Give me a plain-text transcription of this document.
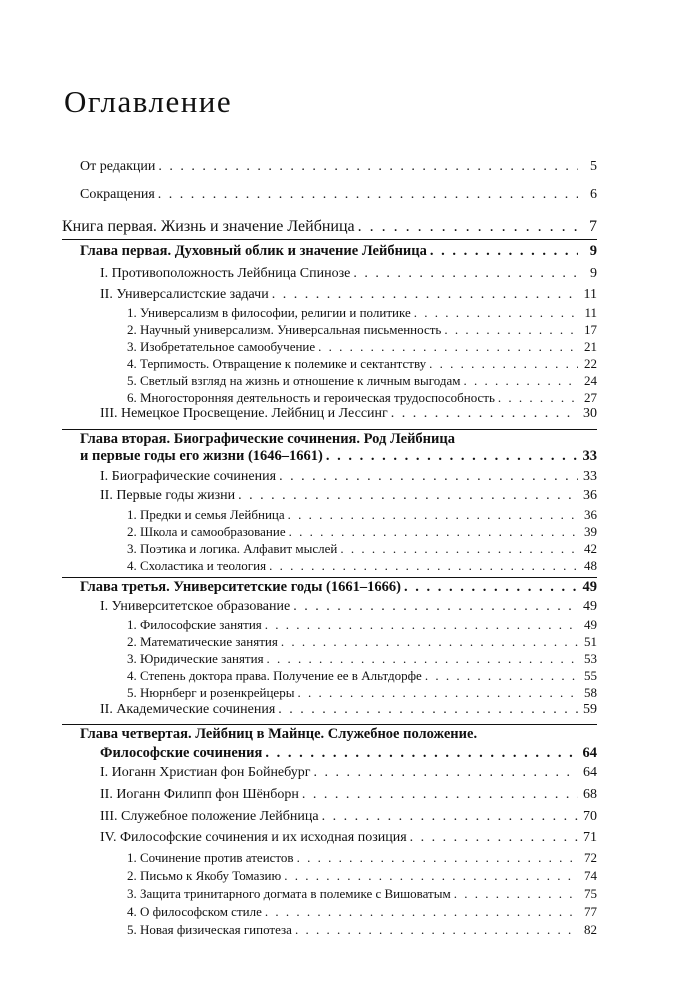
Оглавление
От редакции . . .	5
Сокращения . . .	6
Книга первая. Жизнь и значение Лейбница . . .	7
Глава первая. Духовный облик и значение Лейбница . . .	9
I. Противоположность Лейбница Спинозе . . .	9
II. Универсалистские задачи . . .	11
1. Универсализм в философии, религии и политике . . .	11
2. Научный универсализм. Универсальная письменность . . .	17
3. Изобретательное самообучение . . .	21
4. Терпимость. Отвращение к полемике и сектантству . . .	22
5. Светлый взгляд на жизнь и отношение к личным выгодам . . .	24
6. Многосторонняя деятельность и героическая трудоспособность . . .	27
III. Немецкое Просвещение. Лейбниц и Лессинг . . .	30
Глава вторая. Биографические сочинения. Род Лейбница
и первые годы его жизни (1646–1661) . . .	33
I. Биографические сочинения . . .	33
II. Первые годы жизни . . .	36
1. Предки и семья Лейбница . . .	36
2. Школа и самообразование . . .	39
3. Поэтика и логика. Алфавит мыслей . . .	42
4. Схоластика и теология . . .	48
Глава третья. Университетские годы (1661–1666) . . .	49
I. Университетское образование . . .	49
1. Философские занятия . . .	49
2. Математические занятия . . .	51
3. Юридические занятия . . .	53
4. Степень доктора права. Получение ее в Альтдорфе . . .	55
5. Нюрнберг и розенкрейцеры . . .	58
II. Академические сочинения . . .	59
Глава четвертая. Лейбниц в Майнце. Служебное положение.
Философские сочинения . . .	64
I. Иоганн Христиан фон Бойнебург . . .	64
II. Иоганн Филипп фон Шёнборн . . .	68
III. Служебное положение Лейбница . . .	70
IV. Философские сочинения и их исходная позиция . . .	71
1. Сочинение против атеистов . . .	72
2. Письмо к Якобу Томазию . . .	74
3. Защита тринитарного догмата в полемике с Вишоватым . . .	75
4. О философском стиле . . .	77
5. Новая физическая гипотеза . . .	82
